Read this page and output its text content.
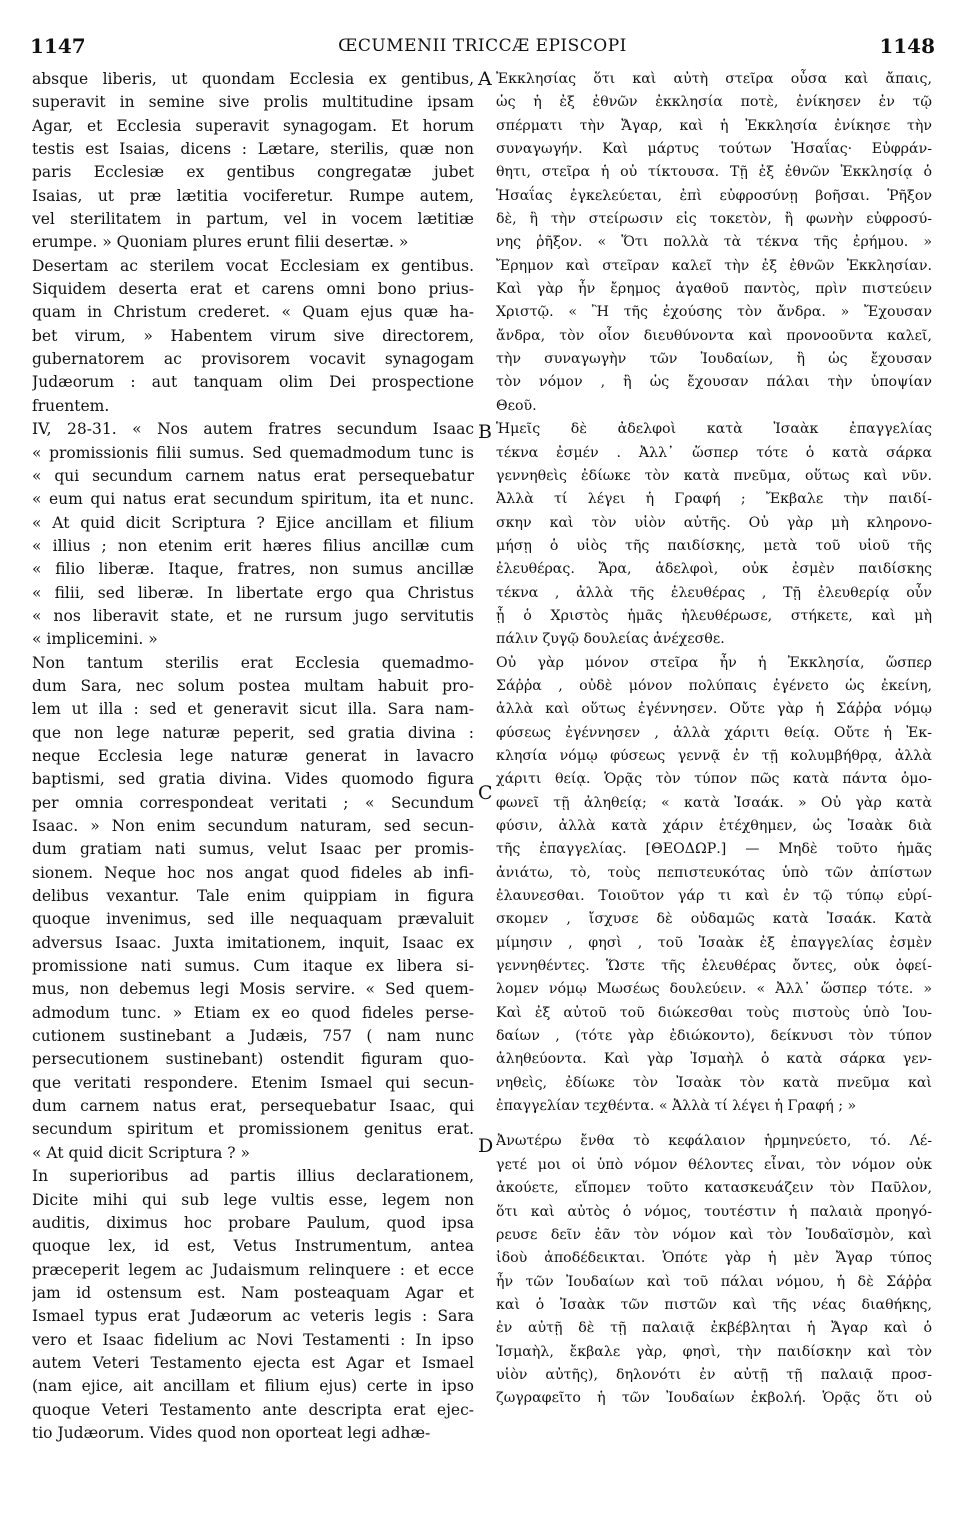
1147	ŒCUMENII TRICCÆ EPISCOPI	1148
absque liberis, ut quondam Ecclesia ex gentibus,
superavit in semine sive prolis multitudine ipsam
Agar, et Ecclesia superavit synagogam. Et horum
testis est Isaias, dicens : Lætare, sterilis, quæ non
paris Ecclesiæ ex gentibus congregatæ jubet
Isaias, ut præ lætitia vociferetur. Rumpe autem,
vel sterilitatem in partum, vel in vocem lætitiæ
erumpe. » Quoniam plures erunt filii desertæ. »
Desertam ac sterilem vocat Ecclesiam ex gentibus.
Siquidem deserta erat et carens omni bono prius-
quam in Christum crederet. « Quam ejus quæ ha-
bet virum, » Habentem virum sive directorem,
gubernatorem ac provisorem vocavit synagogam
Judæorum : aut tanquam olim Dei prospectione
fruentem.
IV, 28-31. « Nos autem fratres secundum Isaac
« promissionis filii sumus. Sed quemadmodum tunc is
« qui secundum carnem natus erat persequebatur
« eum qui natus erat secundum spiritum, ita et nunc.
« At quid dicit Scriptura ? Ejice ancillam et filium
« illius ; non etenim erit hæres filius ancillæ cum
« filio liberæ. Itaque, fratres, non sumus ancillæ
« filii, sed liberæ. In libertate ergo qua Christus
« nos liberavit state, et ne rursum jugo servitutis
« implicemini. »
Non tantum sterilis erat Ecclesia quemadmo-
dum Sara, nec solum postea multam habuit pro-
lem ut illa : sed et generavit sicut illa. Sara nam-
que non lege naturæ peperit, sed gratia divina :
neque Ecclesia lege naturæ generat in lavacro
baptismi, sed gratia divina. Vides quomodo figura
per omnia correspondeat veritati ; « Secundum
Isaac. » Non enim secundum naturam, sed secun-
dum gratiam nati sumus, velut Isaac per promis-
sionem. Neque hoc nos angat quod fideles ab infi-
delibus vexantur. Tale enim quippiam in figura
quoque invenimus, sed ille nequaquam prævaluit
adversus Isaac. Juxta imitationem, inquit, Isaac ex
promissione nati sumus. Cum itaque ex libera si-
mus, non debemus legi Mosis servire. « Sed quem-
admodum tunc. » Etiam ex eo quod fideles perse-
cutionem sustinebant a Judæis, 757 ( nam nunc
persecutionem sustinebant) ostendit figuram quo-
que veritati respondere. Etenim Ismael qui secun-
dum carnem natus erat, persequebatur Isaac, qui
secundum spiritum et promissionem genitus erat.
« At quid dicit Scriptura ? »
In superioribus ad partis illius declarationem,
Dicite mihi qui sub lege vultis esse, legem non
auditis, diximus hoc probare Paulum, quod ipsa
quoque lex, id est, Vetus Instrumentum, antea
præceperit legem ac Judaismum relinquere : et ecce
jam id ostensum est. Nam posteaquam Agar et
Ismael typus erat Judæorum ac veteris legis : Sara
vero et Isaac fidelium ac Novi Testamenti : In ipso
autem Veteri Testamento ejecta est Agar et Ismael
(nam ejice, ait ancillam et filium ejus) certe in ipso
quoque Veteri Testamento ante descripta erat ejec-
tio Judæorum. Vides quod non oporteat legi adhæ-
Ἐκκλησίας ὅτι καὶ αὐτὴ στεῖρα οὖσα καὶ ἄπαις,
ὡς ἡ ἐξ ἐθνῶν ἐκκλησία ποτὲ, ἐνίκησεν ἐν τῷ
σπέρματι τὴν Ἄγαρ, καὶ ἡ Ἐκκλησία ἐνίκησε τὴν
συναγωγήν. Καὶ μάρτυς τούτων Ἡσαΐας· Εὐφράν-
θητι, στεῖρα ἡ οὐ τίκτουσα. Τῇ ἐξ ἐθνῶν Ἐκκλησίᾳ ὁ
Ἡσαΐας ἐγκελεύεται, ἐπὶ εὐφροσύνῃ βοῆσαι. Ῥῆξον
δὲ, ἢ τὴν στείρωσιν εἰς τοκετὸν, ἢ φωνὴν εὐφροσύ-
νης ῥῆξον. « Ὅτι πολλὰ τὰ τέκνα τῆς ἐρήμου. »
Ἔρημον καὶ στεῖραν καλεῖ τὴν ἐξ ἐθνῶν Ἐκκλησίαν.
Καὶ γὰρ ἦν ἔρημος ἀγαθοῦ παντὸς, πρὶν πιστεύειν
Χριστῷ. « Ἢ τῆς ἐχούσης τὸν ἄνδρα. » Ἔχουσαν
ἄνδρα, τὸν οἷον διευθύνοντα καὶ προνοοῦντα καλεῖ,
τὴν συναγωγὴν τῶν Ἰουδαίων, ἢ ὡς ἔχουσαν
τὸν νόμον , ἢ ὡς ἔχουσαν πάλαι τὴν ὑποψίαν
Θεοῦ.
Ἡμεῖς δὲ ἀδελφοὶ κατὰ Ἰσαὰκ ἐπαγγελίας
τέκνα ἐσμέν . Ἀλλ᾽ ὥσπερ τότε ὁ κατὰ σάρκα
γεννηθεὶς ἐδίωκε τὸν κατὰ πνεῦμα, οὕτως καὶ νῦν.
Ἀλλὰ τί λέγει ἡ Γραφή ; Ἔκβαλε τὴν παιδί-
σκην καὶ τὸν υἱὸν αὐτῆς. Οὐ γὰρ μὴ κληρονο-
μήσῃ ὁ υἱὸς τῆς παιδίσκης, μετὰ τοῦ υἱοῦ τῆς
ἐλευθέρας. Ἄρα, ἀδελφοὶ, οὐκ ἐσμὲν παιδίσκης
τέκνα , ἀλλὰ τῆς ἐλευθέρας , Τῇ ἐλευθερίᾳ οὖν
ᾗ ὁ Χριστὸς ἡμᾶς ἠλευθέρωσε, στήκετε, καὶ μὴ
πάλιν ζυγῷ δουλείας ἀνέχεσθε.
Οὐ γὰρ μόνον στεῖρα ἦν ἡ Ἐκκλησία, ὥσπερ
Σάῤῥα , οὐδὲ μόνον πολύπαις ἐγένετο ὡς ἐκείνη,
ἀλλὰ καὶ οὕτως ἐγέννησεν. Οὔτε γὰρ ἡ Σάῤῥα νόμῳ
φύσεως ἐγέννησεν , ἀλλὰ χάριτι θείᾳ. Οὔτε ἡ Ἐκ-
κλησία νόμῳ φύσεως γεννᾷ ἐν τῇ κολυμβήθρᾳ, ἀλλὰ
χάριτι θείᾳ. Ὁρᾷς τὸν τύπον πῶς κατὰ πάντα ὁμο-
φωνεῖ τῇ ἀληθείᾳ; « κατὰ Ἰσαάκ. » Οὐ γὰρ κατὰ
φύσιν, ἀλλὰ κατὰ χάριν ἐτέχθημεν, ὡς Ἰσαὰκ διὰ
τῆς ἐπαγγελίας. [ΘΕΟΔΩΡ.] — Μηδὲ τοῦτο ἡμᾶς
ἀνιάτω, τὸ, τοὺς πεπιστευκότας ὑπὸ τῶν ἀπίστων
ἐλαυνεσθαι. Τοιοῦτον γάρ τι καὶ ἐν τῷ τύπῳ εὑρί-
σκομεν , ἴσχυσε δὲ οὐδαμῶς κατὰ Ἰσαάκ. Κατὰ
μίμησιν , φησὶ , τοῦ Ἰσαὰκ ἐξ ἐπαγγελίας ἐσμὲν
γεννηθέντες. Ὥστε τῆς ἐλευθέρας ὄντες, οὐκ ὀφεί-
λομεν νόμῳ Μωσέως δουλεύειν. « Ἀλλ᾽ ὥσπερ τότε. »
Καὶ ἐξ αὐτοῦ τοῦ διώκεσθαι τοὺς πιστοὺς ὑπὸ Ἰου-
δαίων , (τότε γὰρ ἐδιώκοντο), δείκνυσι τὸν τύπον
ἀληθεύοντα. Καὶ γὰρ Ἰσμαὴλ ὁ κατὰ σάρκα γεν-
νηθεὶς, ἐδίωκε τὸν Ἰσαὰκ τὸν κατὰ πνεῦμα καὶ
ἐπαγγελίαν τεχθέντα. « Ἀλλὰ τί λέγει ἡ Γραφή ; »
Ἀνωτέρω ἔνθα τὸ κεφάλαιον ἡρμηνεύετο, τό. Λέ-
γετέ μοι οἱ ὑπὸ νόμον θέλοντες εἶναι, τὸν νόμον οὐκ
ἀκούετε, εἴπομεν τοῦτο κατασκευάζειν τὸν Παῦλον,
ὅτι καὶ αὐτὸς ὁ νόμος, τουτέστιν ἡ παλαιὰ προηγό-
ρευσε δεῖν ἐᾶν τὸν νόμον καὶ τὸν Ἰουδαϊσμὸν, καὶ
ἰδοὺ ἀποδέδεικται. Ὁπότε γὰρ ἡ μὲν Ἄγαρ τύπος
ἦν τῶν Ἰουδαίων καὶ τοῦ πάλαι νόμου, ἡ δὲ Σάῤῥα
καὶ ὁ Ἰσαὰκ τῶν πιστῶν καὶ τῆς νέας διαθήκης,
ἐν αὐτῇ δὲ τῇ παλαιᾷ ἐκβέβληται ἡ Ἄγαρ καὶ ὁ
Ἰσμαὴλ, ἔκβαλε γὰρ, φησὶ, τὴν παιδίσκην καὶ τὸν
υἱὸν αὐτῆς), δηλονότι ἐν αὐτῇ τῇ παλαιᾷ προσ-
ζωγραφεῖτο ἡ τῶν Ἰουδαίων ἐκβολή. Ὁρᾷς ὅτι οὐ
A
B
C
D
